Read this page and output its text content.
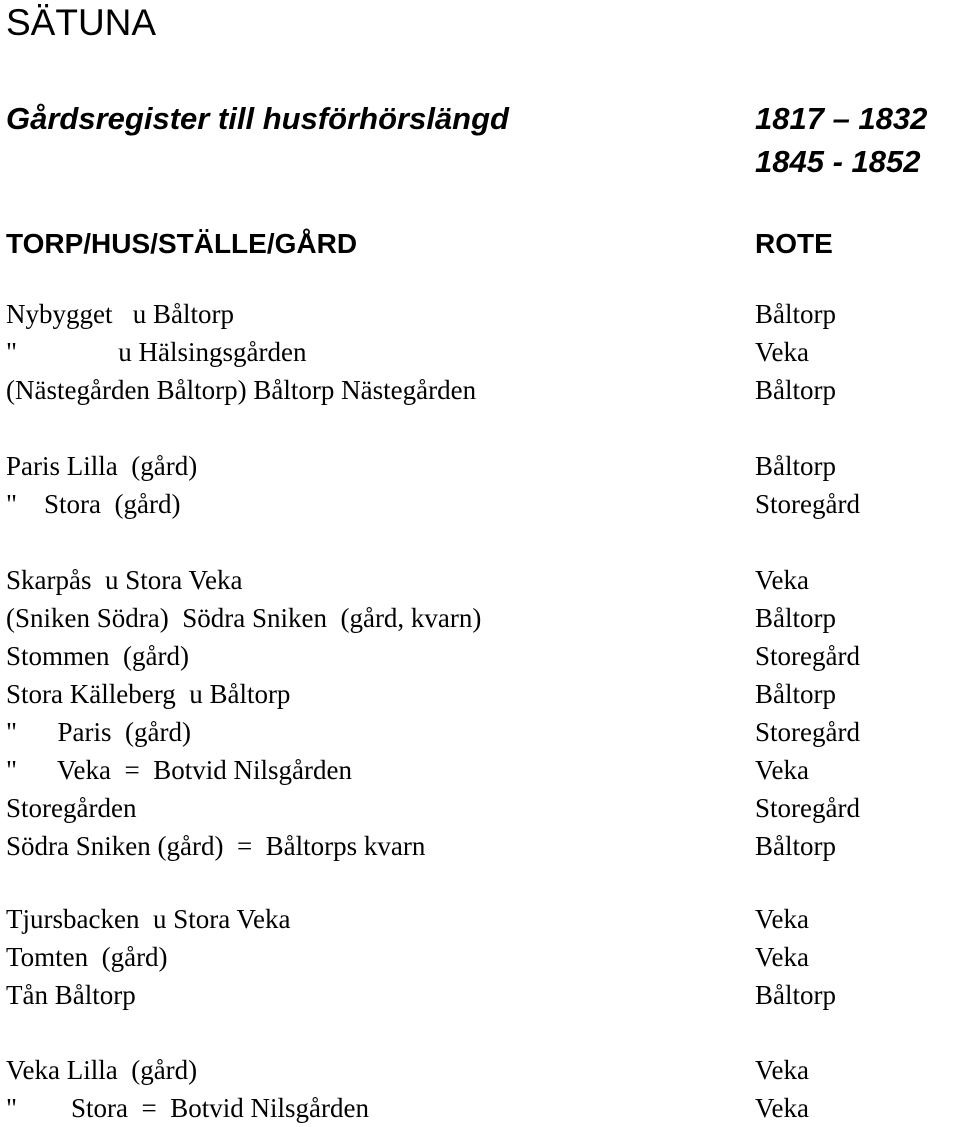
SÄTUNA
Gårdsregister till husförhörslängd	1817 – 1832
1845 - 1852
TORP/HUS/STÄLLE/GÅRD	ROTE
Nybygget   u Båltorp	Båltorp
"               u Hälsingsgården	Veka
(Nästegården Båltorp) Båltorp Nästegården	Båltorp
Paris Lilla  (gård)	Båltorp
"    Stora  (gård)	Storegård
Skarpås  u Stora Veka	Veka
(Sniken Södra)  Södra Sniken  (gård, kvarn)	Båltorp
Stommen  (gård)	Storegård
Stora Källeberg  u Båltorp	Båltorp
"      Paris  (gård)	Storegård
"      Veka  =  Botvid Nilsgården	Veka
Storegården	Storegård
Södra Sniken (gård)  =  Båltorps kvarn	Båltorp
Tjursbacken  u Stora Veka	Veka
Tomten  (gård)	Veka
Tån Båltorp	Båltorp
Veka Lilla  (gård)	Veka
"        Stora  =  Botvid Nilsgården	Veka
